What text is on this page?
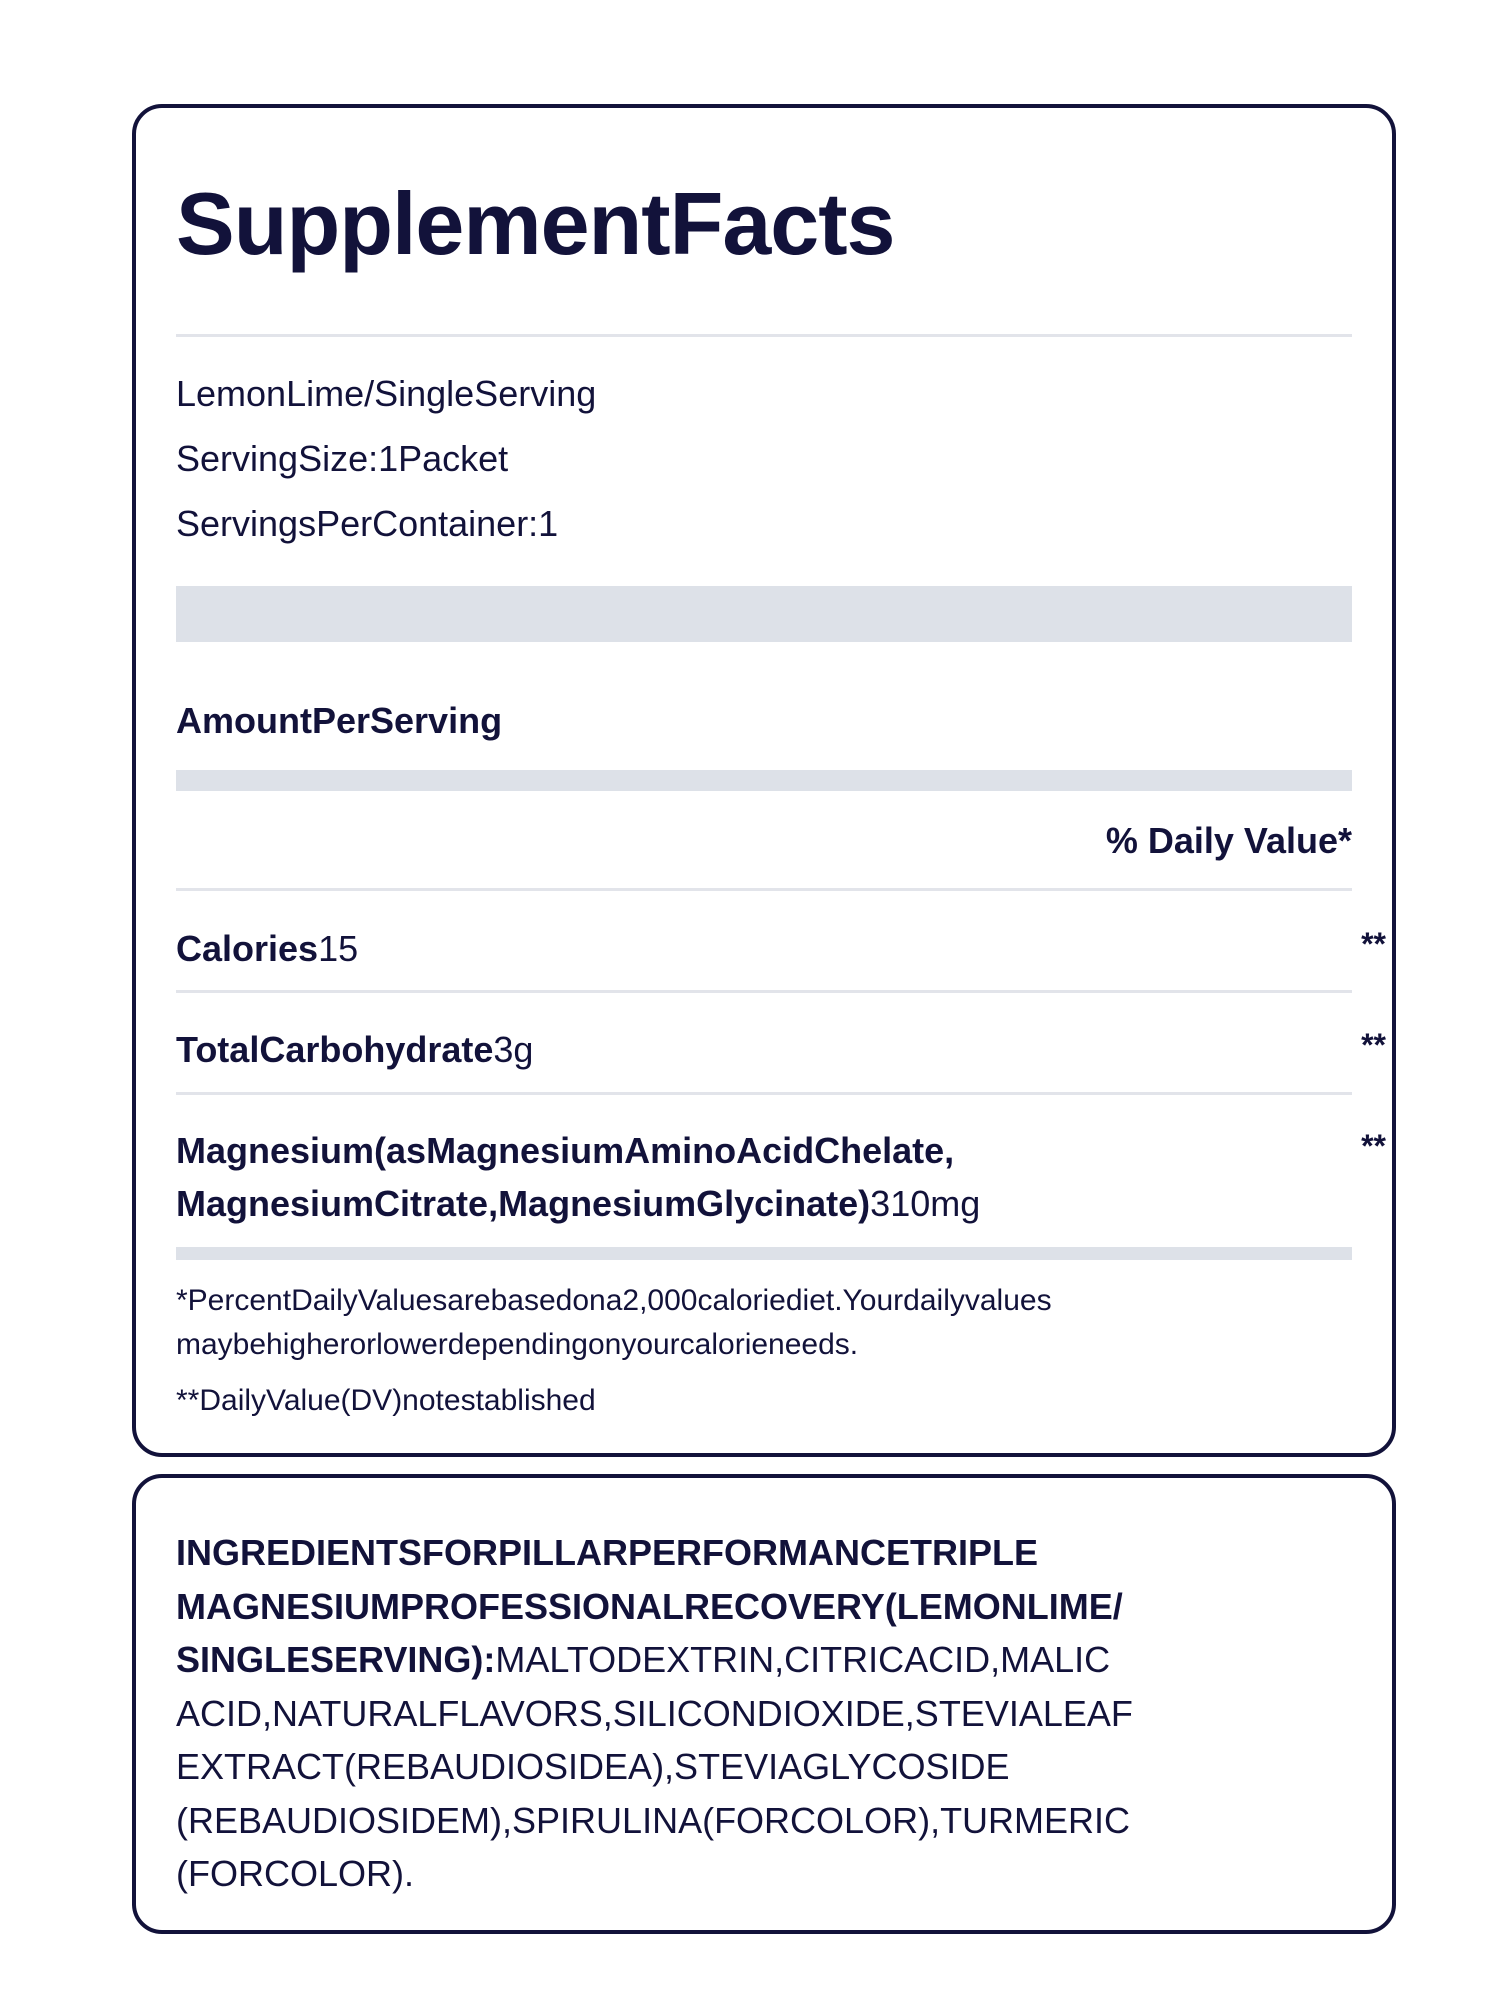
SupplementFacts
LemonLime/SingleServing
ServingSize:1Packet
ServingsPerContainer:1
AmountPerServing
% Daily Value*
Calories15	**
TotalCarbohydrate3g	**
Magnesium(asMagnesiumAminoAcidChelate,
MagnesiumCitrate,MagnesiumGlycinate)310mg
**
*PercentDailyValuesarebasedona2,000caloriediet.Yourdailyvalues
maybehigherorlowerdependingonyourcalorieneeds.
**DailyValue(DV)notestablished
INGREDIENTSFORPILLARPERFORMANCETRIPLE MAGNESIUMPROFESSIONALRECOVERY(LEMONLIME/ SINGLESERVING):MALTODEXTRIN,CITRICACID,MALIC ACID,NATURALFLAVORS,SILICONDIOXIDE,STEVIALEAF EXTRACT(REBAUDIOSIDEA),STEVIAGLYCOSIDE (REBAUDIOSIDEM),SPIRULINA(FORCOLOR),TURMERIC (FORCOLOR).
